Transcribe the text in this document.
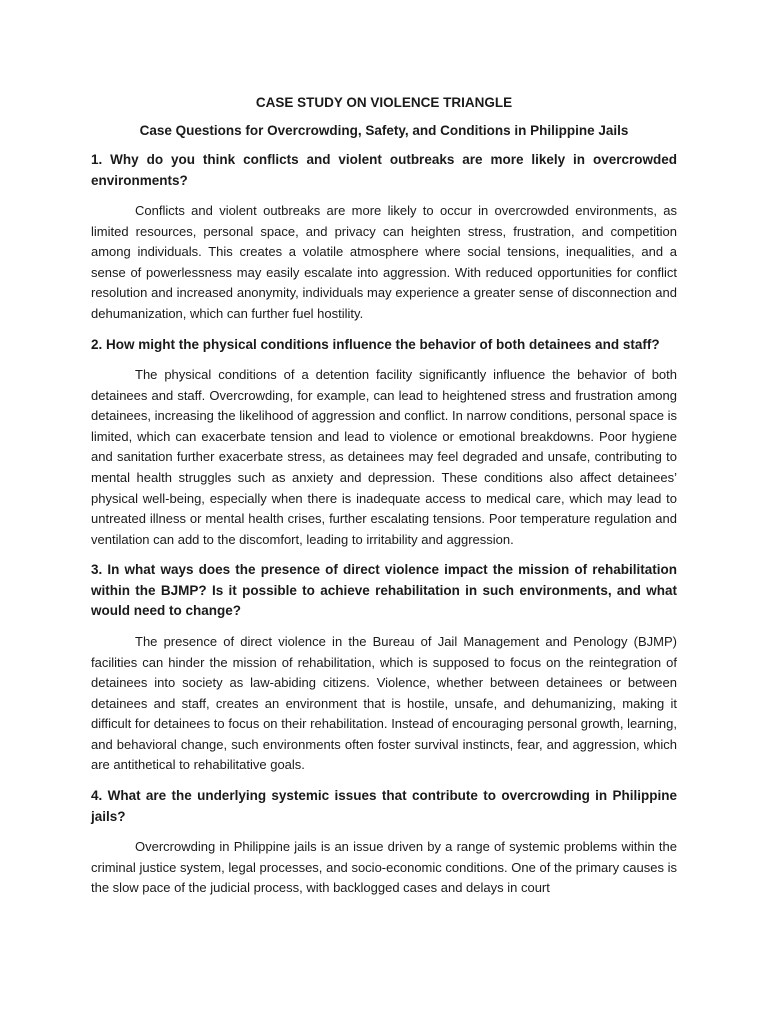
CASE STUDY ON VIOLENCE TRIANGLE
Case Questions for Overcrowding, Safety, and Conditions in Philippine Jails
1. Why do you think conflicts and violent outbreaks are more likely in overcrowded environments?
Conflicts and violent outbreaks are more likely to occur in overcrowded environments, as limited resources, personal space, and privacy can heighten stress, frustration, and competition among individuals. This creates a volatile atmosphere where social tensions, inequalities, and a sense of powerlessness may easily escalate into aggression. With reduced opportunities for conflict resolution and increased anonymity, individuals may experience a greater sense of disconnection and dehumanization, which can further fuel hostility.
2. How might the physical conditions influence the behavior of both detainees and staff?
The physical conditions of a detention facility significantly influence the behavior of both detainees and staff. Overcrowding, for example, can lead to heightened stress and frustration among detainees, increasing the likelihood of aggression and conflict. In narrow conditions, personal space is limited, which can exacerbate tension and lead to violence or emotional breakdowns. Poor hygiene and sanitation further exacerbate stress, as detainees may feel degraded and unsafe, contributing to mental health struggles such as anxiety and depression. These conditions also affect detainees’ physical well-being, especially when there is inadequate access to medical care, which may lead to untreated illness or mental health crises, further escalating tensions. Poor temperature regulation and ventilation can add to the discomfort, leading to irritability and aggression.
3. In what ways does the presence of direct violence impact the mission of rehabilitation within the BJMP? Is it possible to achieve rehabilitation in such environments, and what would need to change?
The presence of direct violence in the Bureau of Jail Management and Penology (BJMP) facilities can hinder the mission of rehabilitation, which is supposed to focus on the reintegration of detainees into society as law-abiding citizens. Violence, whether between detainees or between detainees and staff, creates an environment that is hostile, unsafe, and dehumanizing, making it difficult for detainees to focus on their rehabilitation. Instead of encouraging personal growth, learning, and behavioral change, such environments often foster survival instincts, fear, and aggression, which are antithetical to rehabilitative goals.
4. What are the underlying systemic issues that contribute to overcrowding in Philippine jails?
Overcrowding in Philippine jails is an issue driven by a range of systemic problems within the criminal justice system, legal processes, and socio-economic conditions. One of the primary causes is the slow pace of the judicial process, with backlogged cases and delays in court
